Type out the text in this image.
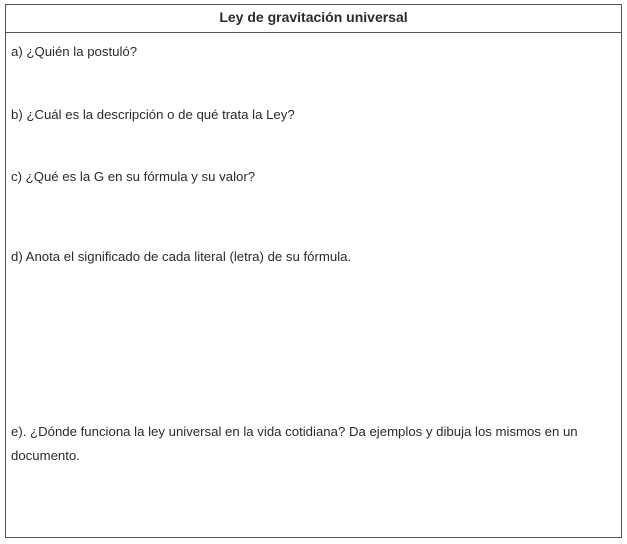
Ley de gravitación universal
a) ¿Quién la postuló?
b) ¿Cuál es la descripción o de qué trata la Ley?
c) ¿Qué es la G en su fórmula y su valor?
d) Anota el significado de cada literal (letra) de su fórmula.
e). ¿Dónde funciona la ley universal en la vida cotidiana? Da ejemplos y dibuja los mismos en un documento.
